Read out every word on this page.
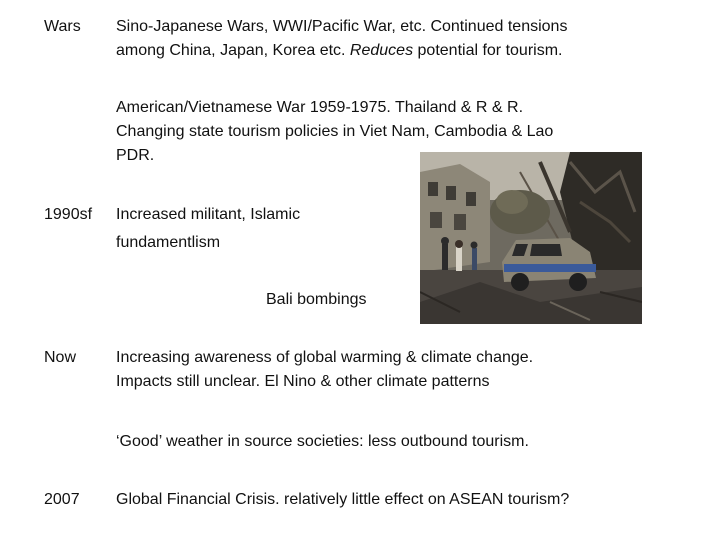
Wars Sino-Japanese Wars, WWI/Pacific War, etc. Continued tensions
among China, Japan, Korea etc. Reduces potential for tourism.
American/Vietnamese War 1959-1975. Thailand & R & R.
Changing state tourism policies in Viet Nam, Cambodia & Lao
PDR.
1990sf Increased militant, Islamic
fundamentlism
Bali bombings
Now Increasing awareness of global warming & climate change.
Impacts still unclear. El Nino & other climate patterns
‘Good’ weather in source societies: less outbound tourism.
2007 Global Financial Crisis. relatively little effect on ASEAN tourism?
